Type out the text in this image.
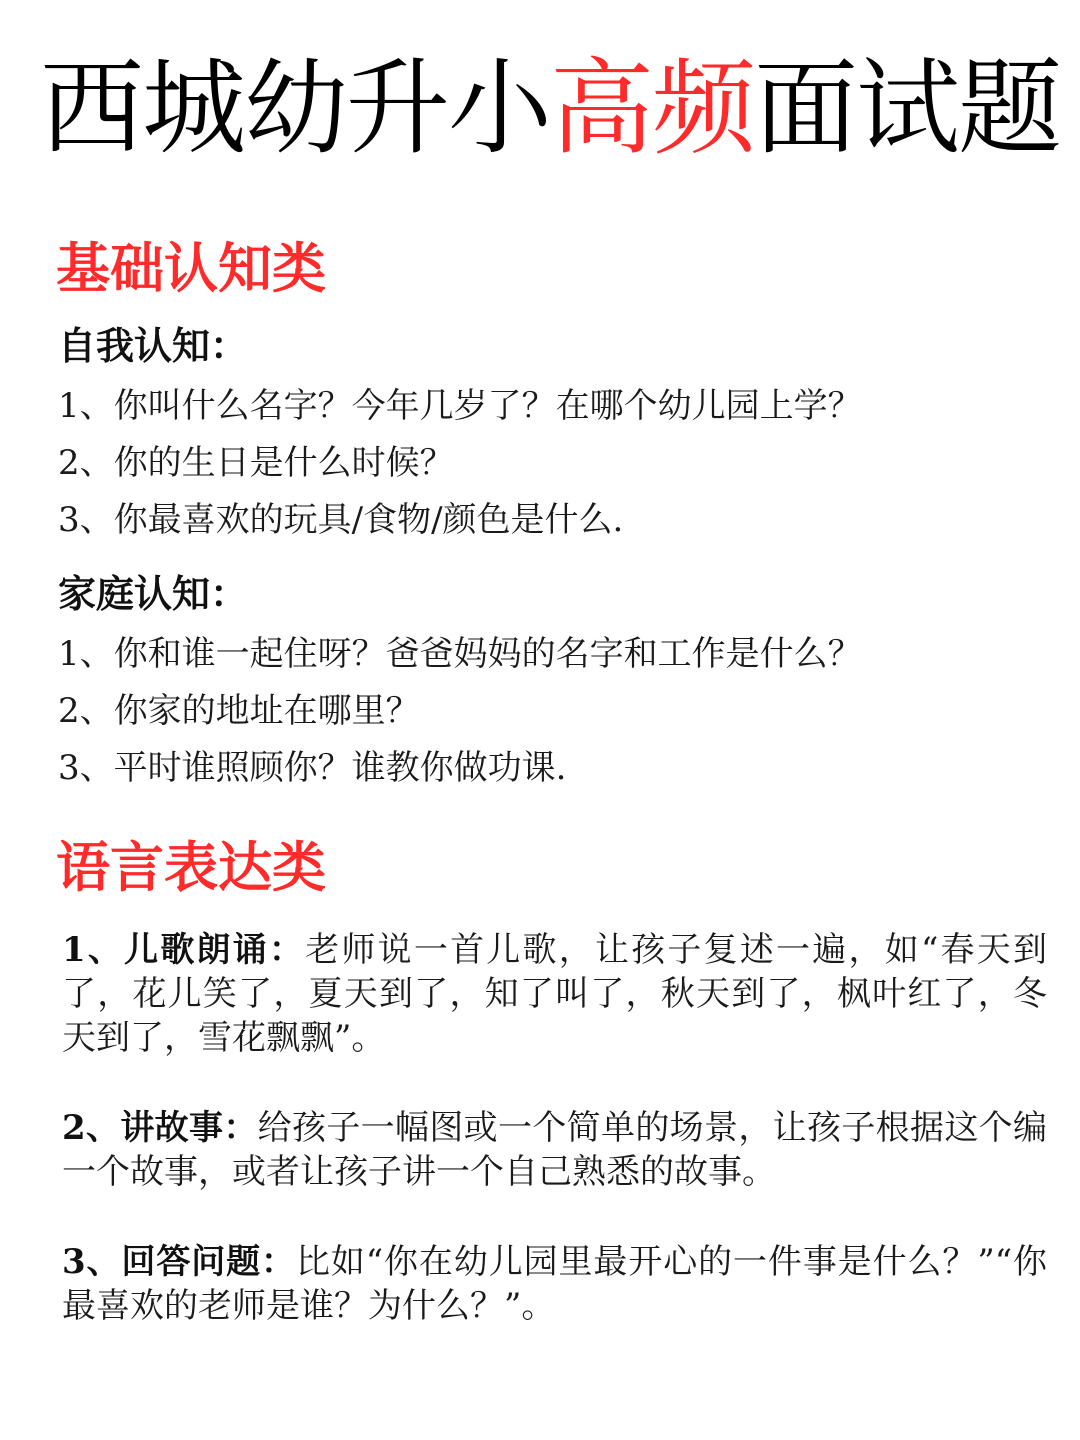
西城幼升小高频面试题
基础认知类
自我认知：
1、你叫什么名字？今年几岁了？在哪个幼儿园上学？
2、你的生日是什么时候？
3、你最喜欢的玩具/食物/颜色是什么.
家庭认知：
1、你和谁一起住呀？爸爸妈妈的名字和工作是什么？
2、你家的地址在哪里？
3、平时谁照顾你？谁教你做功课.
语言表达类
1、儿歌朗诵：老师说一首儿歌，让孩子复述一遍，如“春天到了，花儿笑了，夏天到了，知了叫了，秋天到了，枫叶红了，冬天到了，雪花飘飘”。
2、讲故事：给孩子一幅图或一个简单的场景，让孩子根据这个编一个故事，或者让孩子讲一个自己熟悉的故事。
3、回答问题：比如“你在幼儿园里最开心的一件事是什么？”“你最喜欢的老师是谁？为什么？”。
